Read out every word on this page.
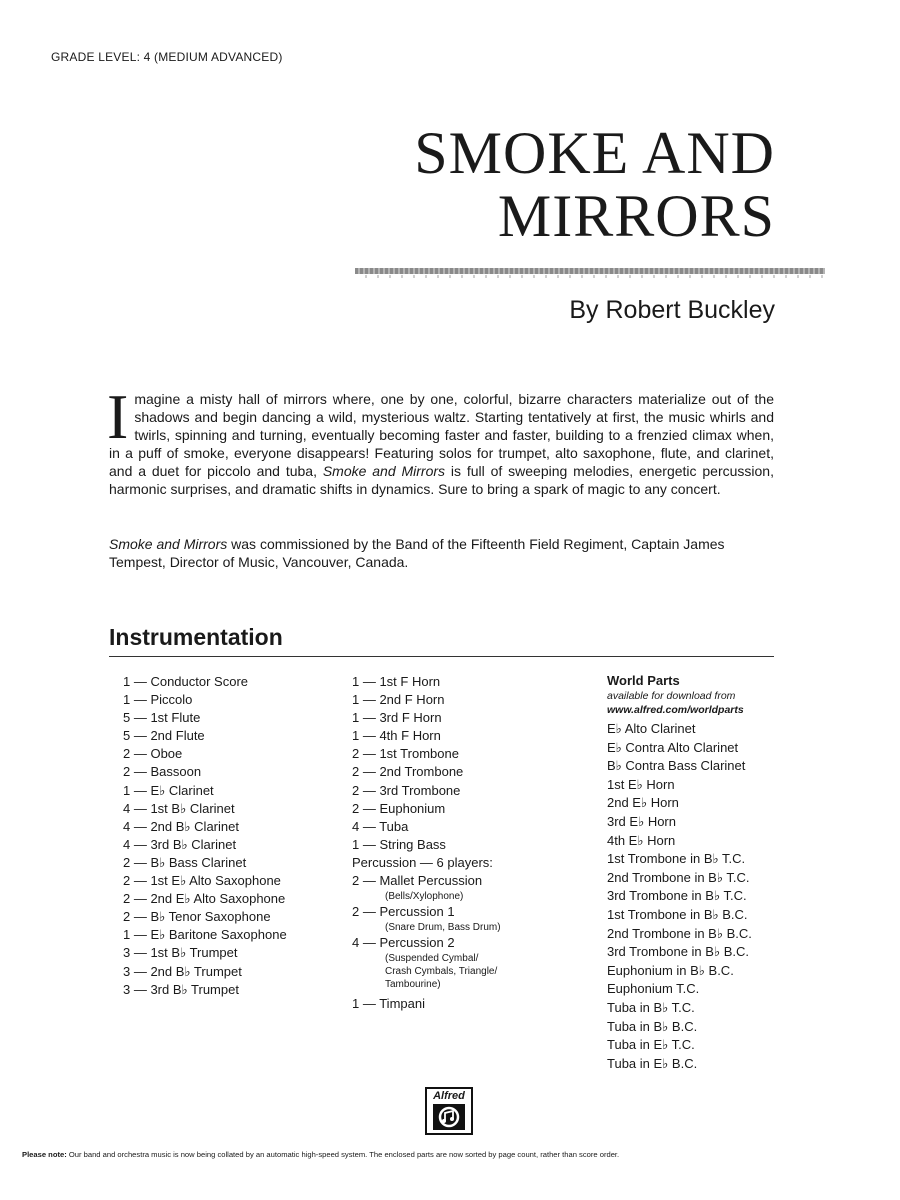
GRADE LEVEL: 4 (MEDIUM ADVANCED)
SMOKE AND
MIRRORS
By Robert Buckley

Imagine a misty hall of mirrors where, one by one, colorful, bizarre characters materialize out of the shadows and begin dancing a wild, mysterious waltz. Starting tentatively at first, the music whirls and twirls, spinning and turning, eventually becoming faster and faster, building to a frenzied climax when, in a puff of smoke, everyone disappears! Featuring solos for trumpet, alto saxophone, flute, and clarinet, and a duet for piccolo and tuba, Smoke and Mirrors is full of sweeping melodies, energetic percussion, harmonic surprises, and dramatic shifts in dynamics. Sure to bring a spark of magic to any concert.

Smoke and Mirrors was commissioned by the Band of the Fifteenth Field Regiment, Captain James Tempest, Director of Music, Vancouver, Canada.

Instrumentation
1 — Conductor Score
1 — Piccolo
5 — 1st Flute
5 — 2nd Flute
2 — Oboe
2 — Bassoon
1 — E♭ Clarinet
4 — 1st B♭ Clarinet
4 — 2nd B♭ Clarinet
4 — 3rd B♭ Clarinet
2 — B♭ Bass Clarinet
2 — 1st E♭ Alto Saxophone
2 — 2nd E♭ Alto Saxophone
2 — B♭ Tenor Saxophone
1 — E♭ Baritone Saxophone
3 — 1st B♭ Trumpet
3 — 2nd B♭ Trumpet
3 — 3rd B♭ Trumpet
1 — 1st F Horn
1 — 2nd F Horn
1 — 3rd F Horn
1 — 4th F Horn
2 — 1st Trombone
2 — 2nd Trombone
2 — 3rd Trombone
2 — Euphonium
4 — Tuba
1 — String Bass
Percussion — 6 players:
2 — Mallet Percussion
(Bells/Xylophone)
2 — Percussion 1
(Snare Drum, Bass Drum)
4 — Percussion 2
(Suspended Cymbal/
Crash Cymbals, Triangle/
Tambourine)
1 — Timpani
World Parts
available for download from
www.alfred.com/worldparts
E♭ Alto Clarinet
E♭ Contra Alto Clarinet
B♭ Contra Bass Clarinet
1st E♭ Horn
2nd E♭ Horn
3rd E♭ Horn
4th E♭ Horn
1st Trombone in B♭ T.C.
2nd Trombone in B♭ T.C.
3rd Trombone in B♭ T.C.
1st Trombone in B♭ B.C.
2nd Trombone in B♭ B.C.
3rd Trombone in B♭ B.C.
Euphonium in B♭ B.C.
Euphonium T.C.
Tuba in B♭ T.C.
Tuba in B♭ B.C.
Tuba in E♭ T.C.
Tuba in E♭ B.C.
Alfred
Please note: Our band and orchestra music is now being collated by an automatic high-speed system. The enclosed parts are now sorted by page count, rather than score order.
